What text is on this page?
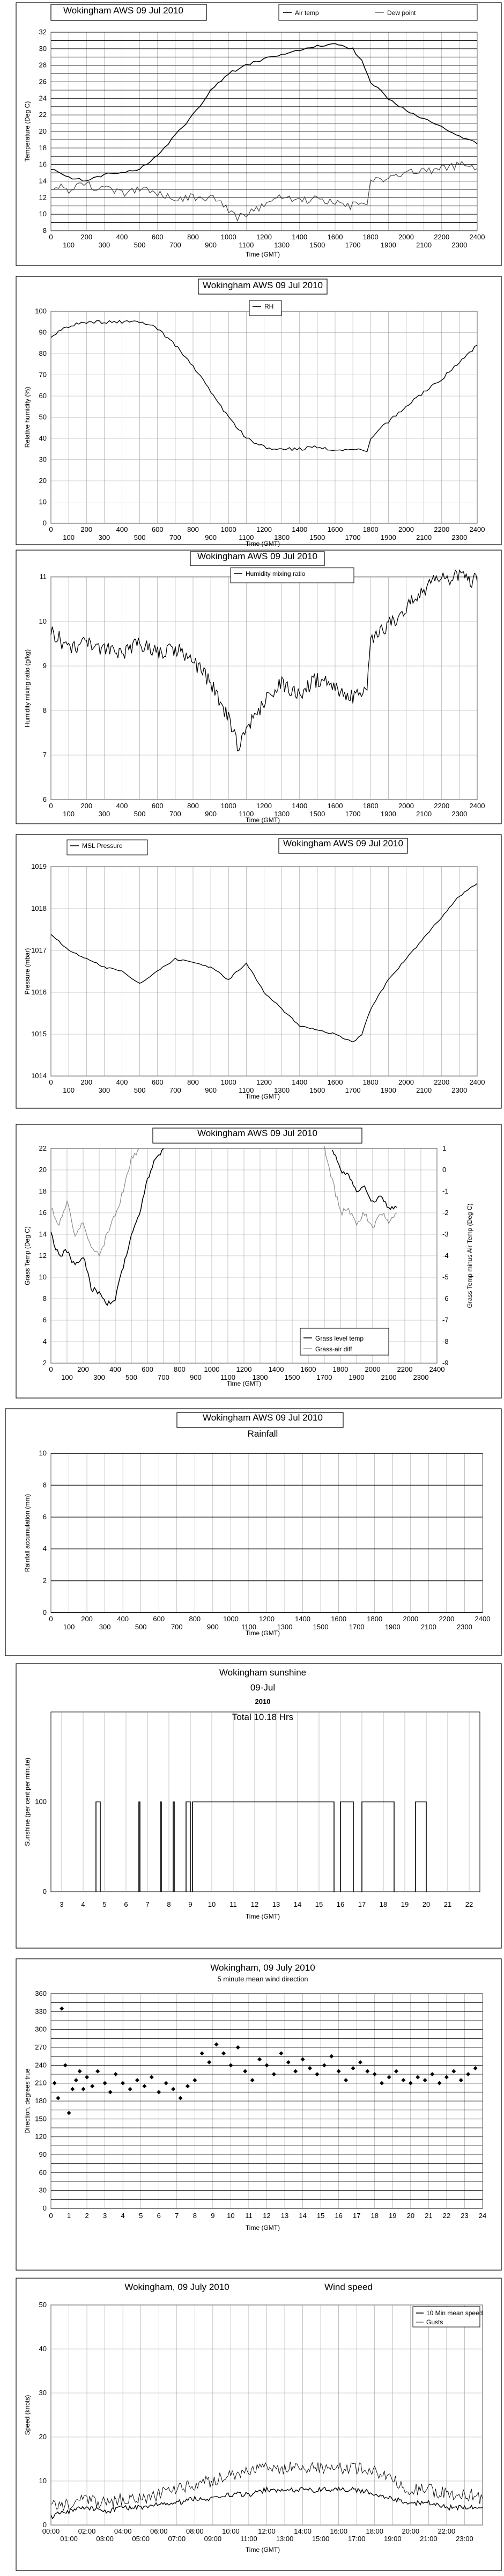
0
100
200
300
400
500
600
700
800
900
1000
1100
1200
1300
1400
1500
1600
1700
1800
1900
2000
2100
2200
2300
2400
8
10
12
14
16
18
20
22
24
26
28
30
32
Wokingham AWS 09 Jul 2010	Air temp	Dew point
Time (GMT)
Temperature (Deg C)
0
100
200
300
400
500
600
700
800
900
1000
1100
1200
1300
1400
1500
1600
1700
1800
1900
2000
2100
2200
2300
2400
0
10
20
30
40
50
60
70
80
90
100
Wokingham AWS 09 Jul 2010
RH
Time (GMT)
Relative humidity (%)
0
100
200
300
400
500
600
700
800
900
1000
1100
1200
1300
1400
1500
1600
1700
1800
1900
2000
2100
2200
2300
2400
6
7
8
9
10
11
Wokingham AWS 09 Jul 2010
Humidity mixing ratio
Time (GMT)
Humidity mixing ratio (g/kg)
0
100
200
300
400
500
600
700
800
900
1000
1100
1200
1300
1400
1500
1600
1700
1800
1900
2000
2100
2200
2300
2400
1014
1015
1016
1017
1018
1019
Wokingham AWS 09 Jul 2010
MSL Pressure
Time (GMT)
Pressure (mbar)
0
100
200
300
400
500
600
700
800
900
1000
1100
1200
1300
1400
1500
1600
1700
1800
1900
2000
2100
2200
2300
2400
2
4
6
8
10
12
14
16
18
20
22
-9
-8
-7
-6
-5
-4
-3
-2
-1
0
1
Wokingham AWS 09 Jul 2010
Grass level temp
Grass-air diff
Time (GMT)
Grass Temp (Deg C)	Grass Temp minus Air Temp (Deg C)
0
100
200
300
400
500
600
700
800
900
1000
1100
1200
1300
1400
1500
1600
1700
1800
1900
2000
2100
2200
2300
2400
0
2
4
6
8
10
Wokingham AWS 09 Jul 2010
Rainfall
Time (GMT)
Rainfall accumulation (mm)
3	4	5	6	7	8	9 10 11 12 13 14 15 16 17 18 19 20 21 22
0
100
Wokingham sunshine
09-Jul
2010
Total 10.18 Hrs
Time (GMT)
Sunshine (per cent per minute)
0 1 2 3 4 5 6 7 8 9 10 11 12 13 14 15 16 17 18 19 20 21 22 23 24
0
30
60
90
120
150
180
210
240
270
300
330
360
Wokingham, 09 July 2010
5 minute mean wind direction
Time (GMT)
Direction, degrees true
00:00	02:00	04:00	06:00	08:00	10:00	12:00	14:00	16:00	18:00	20:00	22:00
01:00	03:00	05:00	07:00	09:00	11:00	13:00	15:00	17:00	19:00	21:00	23:00
0
10
20
30
40
50
Wokingham, 09 July 2010	Wind speed
10 Min mean speed
Gusts
Time (GMT)
Speed (knots)
